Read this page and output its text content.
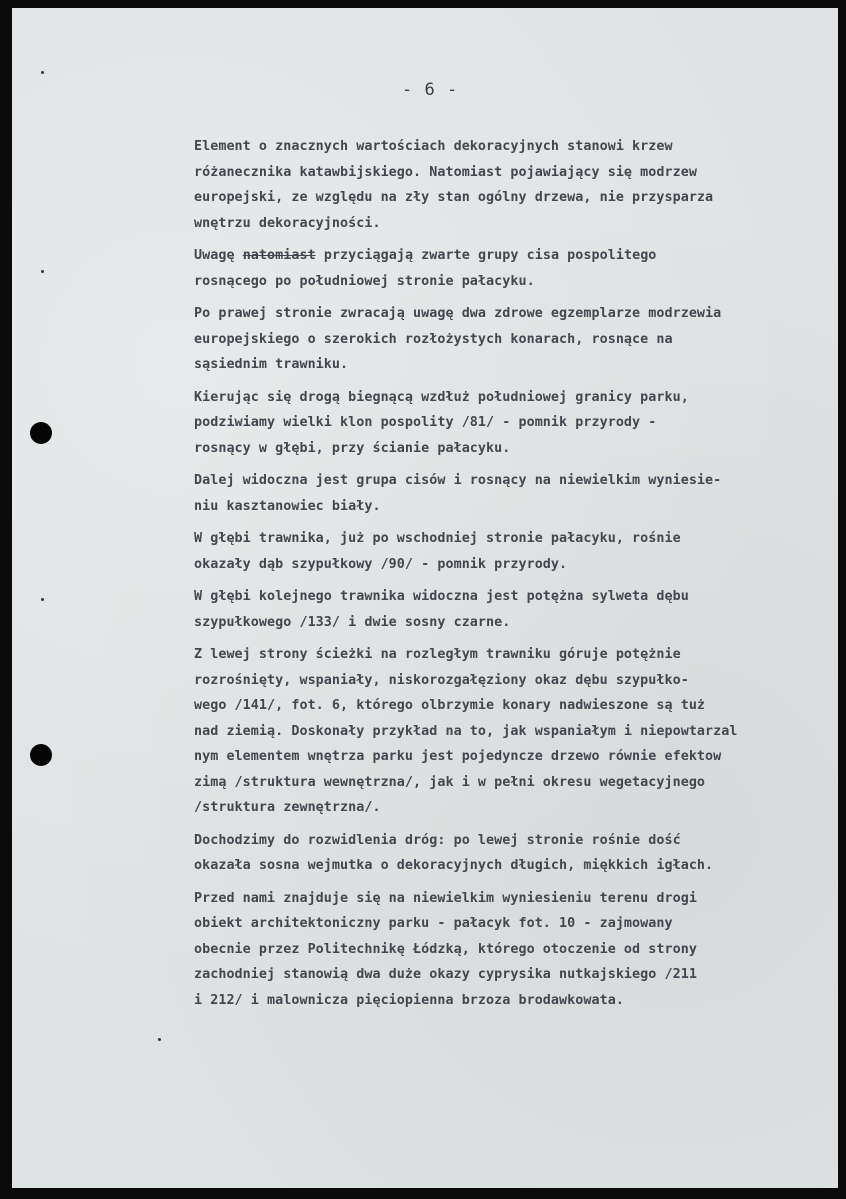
- 6 -

Element o znacznych wartościach dekoracyjnych stanowi krzew
różanecznika katawbijskiego. Natomiast pojawiający się modrzew
europejski, ze względu na zły stan ogólny drzewa, nie przysparza
wnętrzu dekoracyjności.

Uwagę natomiast przyciągają zwarte grupy cisa pospolitego
rosnącego po południowej stronie pałacyku.

Po prawej stronie zwracają uwagę dwa zdrowe egzemplarze modrzewia
europejskiego o szerokich rozłożystych konarach, rosnące na
sąsiednim trawniku.

Kierując się drogą biegnącą wzdłuż południowej granicy parku,
podziwiamy wielki klon pospolity /81/ - pomnik przyrody -
rosnący w głębi, przy ścianie pałacyku.

Dalej widoczna jest grupa cisów i rosnący na niewielkim wyniesie-
niu kasztanowiec biały.

W głębi trawnika, już po wschodniej stronie pałacyku, rośnie
okazały dąb szypułkowy /90/ - pomnik przyrody.

W głębi kolejnego trawnika widoczna jest potężna sylweta dębu
szypułkowego /133/ i dwie sosny czarne.

Z lewej strony ścieżki na rozległym trawniku góruje potężnie
rozrośnięty, wspaniały, niskorozgałęziony okaz dębu szypułko-
wego /141/, fot. 6, którego olbrzymie konary nadwieszone są tuż
nad ziemią. Doskonały przykład na to, jak wspaniałym i niepowtarzal
nym elementem wnętrza parku jest pojedyncze drzewo równie efektow
zimą /struktura wewnętrzna/, jak i w pełni okresu wegetacyjnego
/struktura zewnętrzna/.

Dochodzimy do rozwidlenia dróg: po lewej stronie rośnie dość
okazała sosna wejmutka o dekoracyjnych długich, miękkich igłach.

Przed nami znajduje się na niewielkim wyniesieniu terenu drogi
obiekt architektoniczny parku - pałacyk fot. 10 - zajmowany
obecnie przez Politechnikę Łódzką, którego otoczenie od strony
zachodniej stanowią dwa duże okazy cyprysika nutkajskiego /211
i 212/ i malownicza pięciopienna brzoza brodawkowata.
